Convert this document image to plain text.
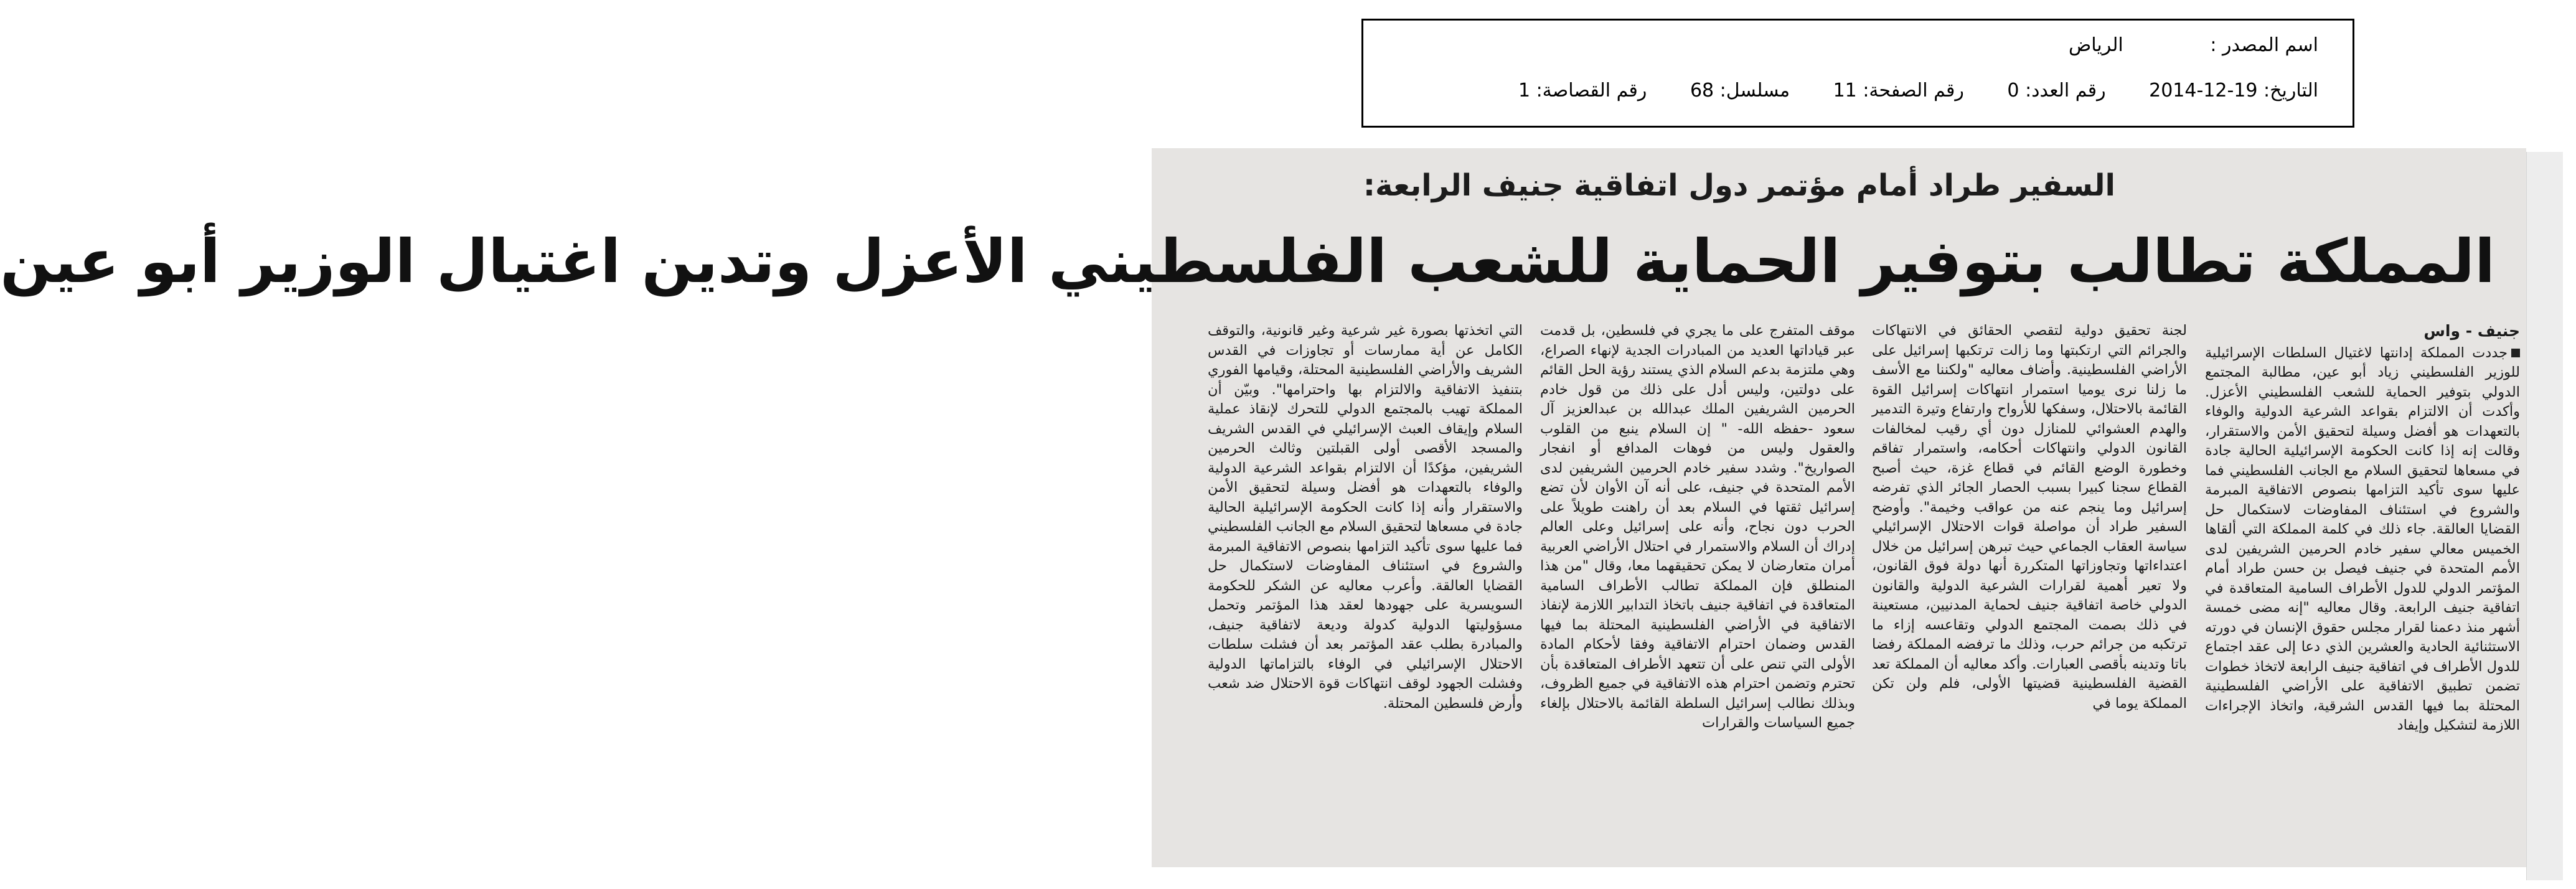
اسم المصدر : الرياض
التاريخ: 2014-12-19 رقم العدد: 0 رقم الصفحة: 11 مسلسل: 68 رقم القصاصة: 1
السفير طراد أمام مؤتمر دول اتفاقية جنيف الرابعة:
المملكة تطالب بتوفير الحماية للشعب الفلسطيني الأعزل وتدين اغتيال الوزير أبو عين
جنيف - واس

جددت المملكة إدانتها لاغتيال السلطات الإسرائيلية للوزير الفلسطيني زياد أبو عين، مطالبة المجتمع الدولي بتوفير الحماية للشعب الفلسطيني الأعزل. وأكدت أن الالتزام بقواعد الشرعية الدولية والوفاء بالتعهدات هو أفضل وسيلة لتحقيق الأمن والاستقرار، وقالت إنه إذا كانت الحكومة الإسرائيلية الحالية جادة في مسعاها لتحقيق السلام مع الجانب الفلسطيني فما عليها سوى تأكيد التزامها بنصوص الاتفاقية المبرمة والشروع في استئناف المفاوضات لاستكمال حل القضايا العالقة. جاء ذلك في كلمة المملكة التي ألقاها الخميس معالي سفير خادم الحرمين الشريفين لدى الأمم المتحدة في جنيف فيصل بن حسن طراد أمام المؤتمر الدولي للدول الأطراف السامية المتعاقدة في اتفاقية جنيف الرابعة. وقال معاليه "إنه مضى خمسة أشهر منذ دعمنا لقرار مجلس حقوق الإنسان في دورته الاستثنائية الحادية والعشرين الذي دعا إلى عقد اجتماع للدول الأطراف في اتفاقية جنيف الرابعة لاتخاذ خطوات تضمن تطبيق الاتفاقية على الأراضي الفلسطينية المحتلة بما فيها القدس الشرقية، واتخاذ الإجراءات اللازمة لتشكيل وإيفاد

لجنة تحقيق دولية لتقصي الحقائق في الانتهاكات والجرائم التي ارتكبتها وما زالت ترتكبها إسرائيل على الأراضي الفلسطينية. وأضاف معاليه "ولكننا مع الأسف ما زلنا نرى يوميا استمرار انتهاكات إسرائيل القوة القائمة بالاحتلال، وسفكها للأرواح وارتفاع وتيرة التدمير والهدم العشوائي للمنازل دون أي رقيب لمخالفات القانون الدولي وانتهاكات أحكامه، واستمرار تفاقم وخطورة الوضع القائم في قطاع غزة، حيث أصبح القطاع سجنا كبيرا بسبب الحصار الجائر الذي تفرضه إسرائيل وما ينجم عنه من عواقب وخيمة". وأوضح السفير طراد أن مواصلة قوات الاحتلال الإسرائيلي سياسة العقاب الجماعي حيث تبرهن إسرائيل من خلال اعتداءاتها وتجاوزاتها المتكررة أنها دولة فوق القانون، ولا تعير أهمية لقرارات الشرعية الدولية والقانون الدولي خاصة اتفاقية جنيف لحماية المدنيين، مستعينة في ذلك بصمت المجتمع الدولي وتقاعسه إزاء ما ترتكبه من جرائم حرب، وذلك ما ترفضه المملكة رفضا باتا وتدينه بأقصى العبارات. وأكد معاليه أن المملكة تعد القضية الفلسطينية قضيتها الأولى، فلم ولن تكن المملكة يوما في

موقف المتفرج على ما يجري في فلسطين، بل قدمت عبر قياداتها العديد من المبادرات الجدية لإنهاء الصراع، وهي ملتزمة بدعم السلام الذي يستند رؤية الحل القائم على دولتين، وليس أدل على ذلك من قول خادم الحرمين الشريفين الملك عبدالله بن عبدالعزيز آل سعود -حفظه الله- " إن السلام ينبع من القلوب والعقول وليس من فوهات المدافع أو انفجار الصواريخ". وشدد سفير خادم الحرمين الشريفين لدى الأمم المتحدة في جنيف، على أنه آن الأوان لأن تضع إسرائيل ثقتها في السلام بعد أن راهنت طويلاً على الحرب دون نجاح، وأنه على إسرائيل وعلى العالم إدراك أن السلام والاستمرار في احتلال الأراضي العربية أمران متعارضان لا يمكن تحقيقهما معا، وقال "من هذا المنطلق فإن المملكة تطالب الأطراف السامية المتعاقدة في اتفاقية جنيف باتخاذ التدابير اللازمة لإنفاذ الاتفاقية في الأراضي الفلسطينية المحتلة بما فيها القدس وضمان احترام الاتفاقية وفقا لأحكام المادة الأولى التي تنص على أن تتعهد الأطراف المتعاقدة بأن تحترم وتضمن احترام هذه الاتفاقية في جميع الظروف، وبذلك نطالب إسرائيل السلطة القائمة بالاحتلال بإلغاء جميع السياسات والقرارات

التي اتخذتها بصورة غير شرعية وغير قانونية، والتوقف الكامل عن أية ممارسات أو تجاوزات في القدس الشريف والأراضي الفلسطينية المحتلة، وقيامها الفوري بتنفيذ الاتفاقية والالتزام بها واحترامها". وبيّن أن المملكة تهيب بالمجتمع الدولي للتحرك لإنقاذ عملية السلام وإيقاف العبث الإسرائيلي في القدس الشريف والمسجد الأقصى أولى القبلتين وثالث الحرمين الشريفين، مؤكدًا أن الالتزام بقواعد الشرعية الدولية والوفاء بالتعهدات هو أفضل وسيلة لتحقيق الأمن والاستقرار وأنه إذا كانت الحكومة الإسرائيلية الحالية جادة في مسعاها لتحقيق السلام مع الجانب الفلسطيني فما عليها سوى تأكيد التزامها بنصوص الاتفاقية المبرمة والشروع في استئناف المفاوضات لاستكمال حل القضايا العالقة. وأعرب معاليه عن الشكر للحكومة السويسرية على جهودها لعقد هذا المؤتمر وتحمل مسؤوليتها الدولية كدولة وديعة لاتفاقية جنيف، والمبادرة بطلب عقد المؤتمر بعد أن فشلت سلطات الاحتلال الإسرائيلي في الوفاء بالتزاماتها الدولية وفشلت الجهود لوقف انتهاكات قوة الاحتلال ضد شعب وأرض فلسطين المحتلة.
